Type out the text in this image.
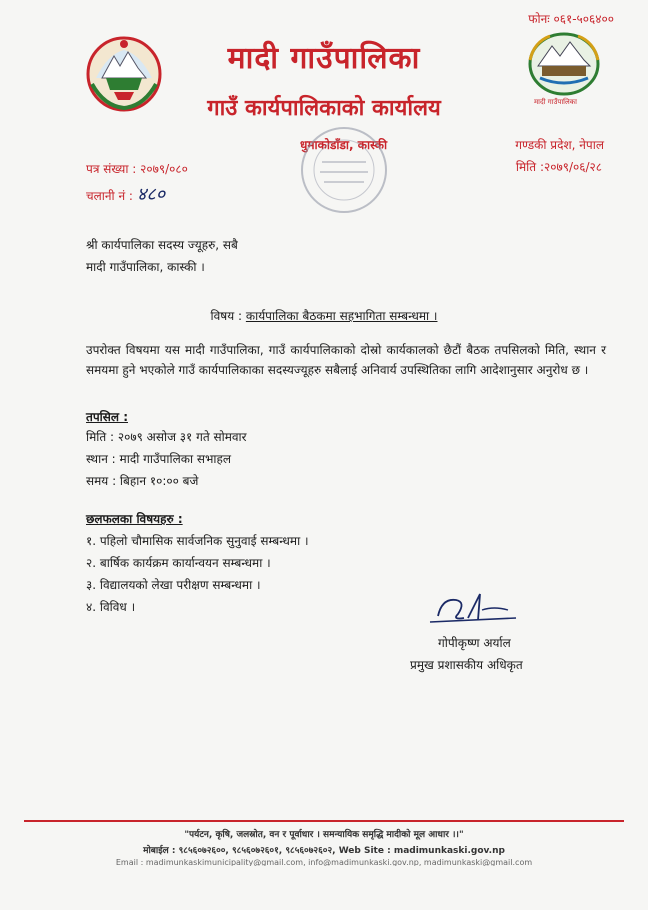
फोनः ०६१-५०६४००
मादी गाउँपालिका
मादी गाउँपालिका
गाउँ कार्यपालिकाको कार्यालय
धुमाकोडाँडा, कास्की	गण्डकी प्रदेश, नेपाल
पत्र संख्या : २०७९/०८०
चलानी नं : ४८०
मिति :२०७९/०६/२८
श्री कार्यपालिका सदस्य ज्यूहरु, सबै
मादी गाउँपालिका, कास्की ।
विषय : कार्यपालिका बैठकमा सहभागिता सम्बन्धमा ।
उपरोक्त विषयमा यस मादी गाउँपालिका, गाउँ कार्यपालिकाको दोस्रो कार्यकालको छैटौं बैठक तपसिलको मिति, स्थान र समयमा हुने भएकोले गाउँ कार्यपालिकाका सदस्यज्यूहरु सबैलाई अनिवार्य उपस्थितिका लागि आदेशानुसार अनुरोध छ ।
तपसिल :
मिति : २०७९ असोज ३१ गते सोमवार
स्थान : मादी गाउँपालिका सभाहल
समय : बिहान १०:०० बजे
छलफलका विषयहरु :
१. पहिलो चौमासिक सार्वजनिक सुनुवाई सम्बन्धमा ।
२. बार्षिक कार्यक्रम कार्यान्वयन सम्बन्धमा ।
३. विद्यालयको लेखा परीक्षण सम्बन्धमा ।
४. विविध ।
गोपीकृष्ण अर्याल
प्रमुख प्रशासकीय अधिकृत
"पर्यटन, कृषि, जलस्रोत, वन र पूर्वाधार । समन्यायिक समृद्धि मादीको मूल आधार ।।"
मोबाईल : ९८५६०७२६००, ९८५६०७२६०१, ९८५६०७२६०२, Web Site : madimunkaski.gov.np
Email : madimunkaskimunicipality@gmail.com, info@madimunkaski.gov.np, madimunkaski@gmail.com
